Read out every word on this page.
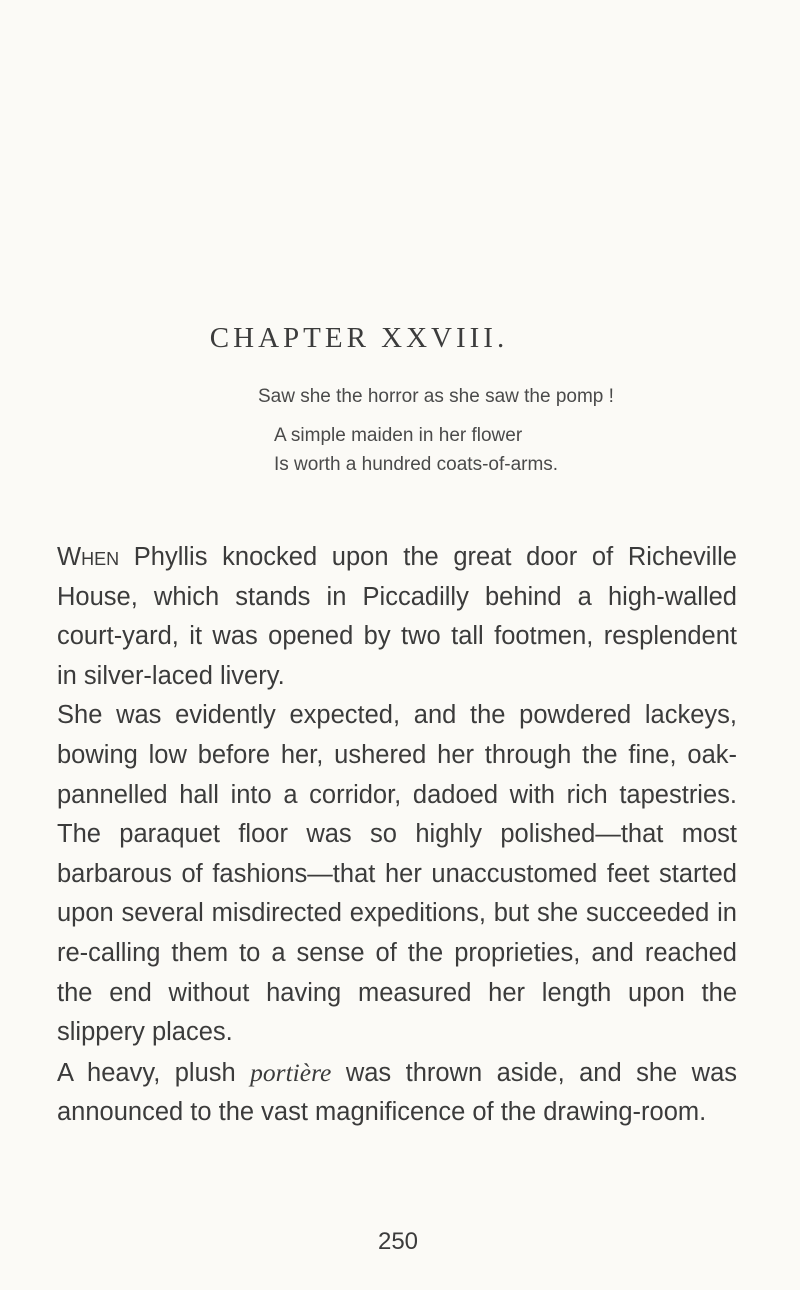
CHAPTER XXVIII.
Saw she the horror as she saw the pomp !
A simple maiden in her flower
Is worth a hundred coats-of-arms.

When Phyllis knocked upon the great door of Richeville House, which stands in Piccadilly behind a high-walled court-yard, it was opened by two tall footmen, resplendent in silver-laced livery.

She was evidently expected, and the powdered lackeys, bowing low before her, ushered her through the fine, oak-pannelled hall into a corridor, dadoed with rich tapestries. The paraquet floor was so highly polished—that most barbarous of fashions—that her unaccustomed feet started upon several misdirected expeditions, but she succeeded in re-calling them to a sense of the proprieties, and reached the end without having measured her length upon the slippery places.

A heavy, plush portière was thrown aside, and she was announced to the vast magnificence of the drawing-room.

250
